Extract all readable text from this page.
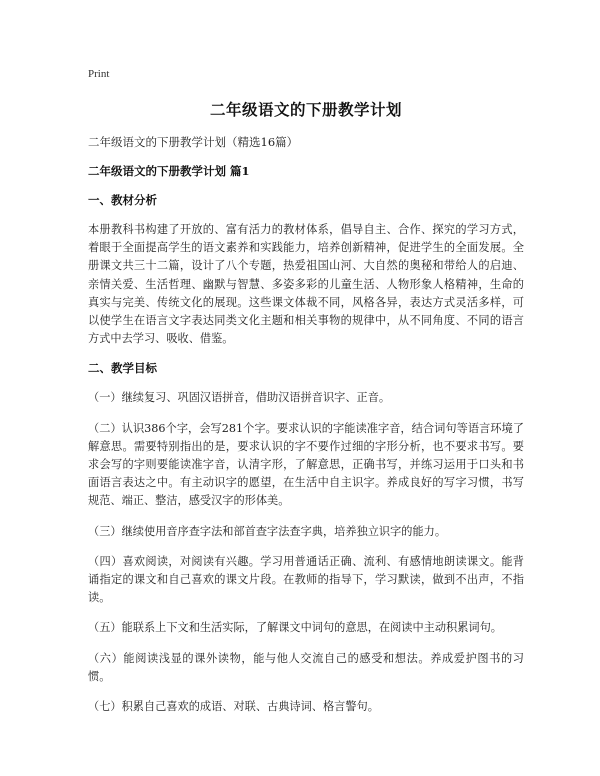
Print
二年级语文的下册教学计划

二年级语文的下册教学计划（精选16篇）

二年级语文的下册教学计划 篇1

一、教材分析

本册教科书构建了开放的、富有活力的教材体系，倡导自主、合作、探究的学习方式，着眼于全面提高学生的语文素养和实践能力，培养创新精神，促进学生的全面发展。全册课文共三十二篇，设计了八个专题，热爱祖国山河、大自然的奥秘和带给人的启迪、亲情关爱、生活哲理、幽默与智慧、多姿多彩的儿童生活、人物形象人格精神，生命的真实与完美、传统文化的展现。这些课文体裁不同，风格各异，表达方式灵活多样，可以使学生在语言文字表达同类文化主题和相关事物的规律中，从不同角度、不同的语言方式中去学习、吸收、借鉴。

二、教学目标

（一）继续复习、巩固汉语拼音，借助汉语拼音识字、正音。

（二）认识386个字，会写281个字。要求认识的字能读准字音，结合词句等语言环境了解意思。需要特别指出的是，要求认识的字不要作过细的字形分析，也不要求书写。要求会写的字则要能读准字音，认清字形，了解意思，正确书写，并练习运用于口头和书面语言表达之中。有主动识字的愿望，在生活中自主识字。养成良好的写字习惯，书写规范、端正、整洁，感受汉字的形体美。

（三）继续使用音序查字法和部首查字法查字典，培养独立识字的能力。

（四）喜欢阅读，对阅读有兴趣。学习用普通话正确、流利、有感情地朗读课文。能背诵指定的课文和自己喜欢的课文片段。在教师的指导下，学习默读，做到不出声，不指读。

（五）能联系上下文和生活实际，了解课文中词句的意思，在阅读中主动积累词句。

（六）能阅读浅显的课外读物，能与他人交流自己的感受和想法。养成爱护图书的习惯。

（七）积累自己喜欢的成语、对联、古典诗词、格言警句。
